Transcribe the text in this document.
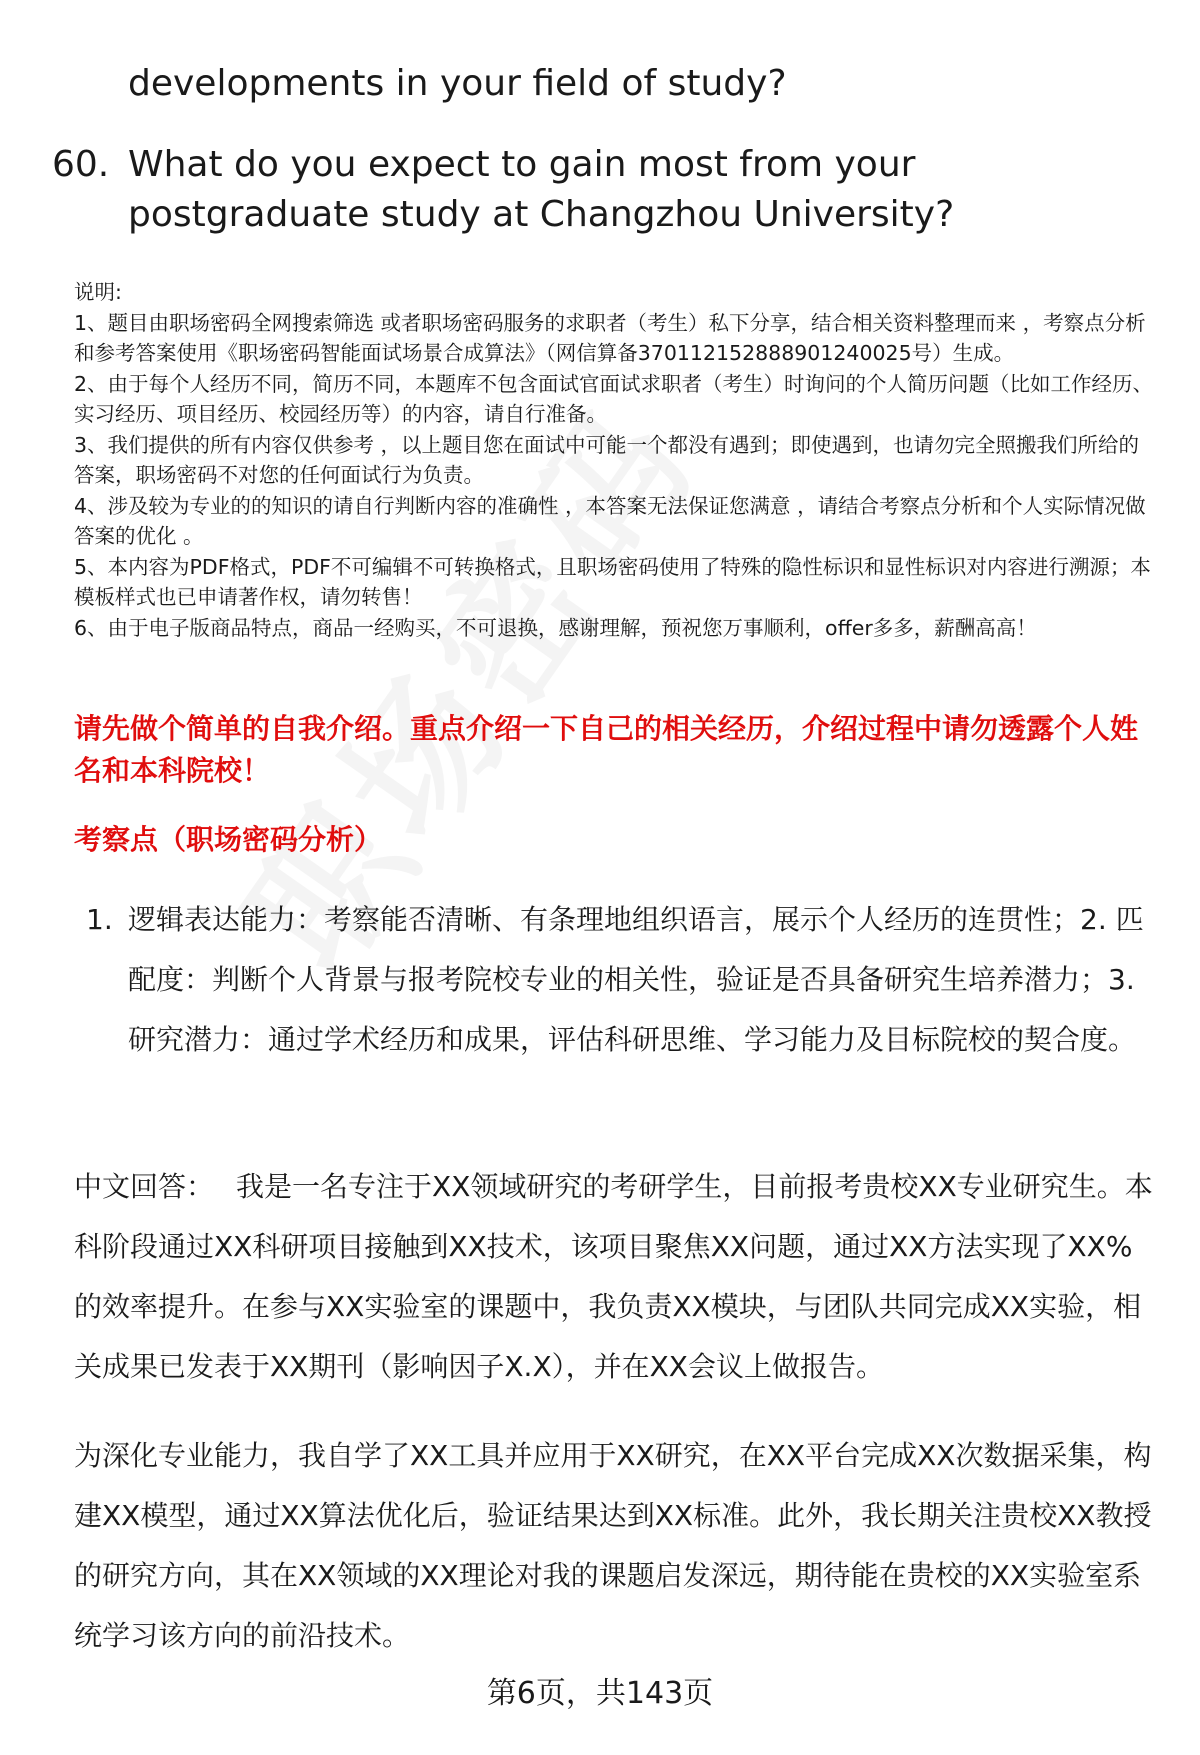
developments in your field of study?
60. What do you expect to gain most from your postgraduate study at Changzhou University?

说明:

1、题目由职场密码全网搜索筛选 或者职场密码服务的求职者（考生）私下分享，结合相关资料整理而来 ，考察点分析和参考答案使用《职场密码智能面试场景合成算法》（网信算备370112152888901240025号）生成。

2、由于每个人经历不同，简历不同，本题库不包含面试官面试求职者（考生）时询问的个人简历问题（比如工作经历、实习经历、项目经历、校园经历等）的内容，请自行准备。

3、我们提供的所有内容仅供参考 ，以上题目您在面试中可能一个都没有遇到；即使遇到，也请勿完全照搬我们所给的答案，职场密码不对您的任何面试行为负责。

4、涉及较为专业的的知识的请自行判断内容的准确性 ，本答案无法保证您满意 ，请结合考察点分析和个人实际情况做答案的优化 。

5、本内容为PDF格式，PDF不可编辑不可转换格式，且职场密码使用了特殊的隐性标识和显性标识对内容进行溯源；本模板样式也已申请著作权，请勿转售！

6、由于电子版商品特点，商品一经购买，不可退换，感谢理解，预祝您万事顺利，offer多多，薪酬高高！

请先做个简单的自我介绍。重点介绍一下自己的相关经历，介绍过程中请勿透露个人姓名和本科院校！
考察点（职场密码分析）
1. 逻辑表达能力：考察能否清晰、有条理地组织语言，展示个人经历的连贯性；2. 匹配度：判断个人背景与报考院校专业的相关性，验证是否具备研究生培养潜力；3. 研究潜力：通过学术经历和成果，评估科研思维、学习能力及目标院校的契合度。

中文回答： 我是一名专注于XX领域研究的考研学生，目前报考贵校XX专业研究生。本科阶段通过XX科研项目接触到XX技术，该项目聚焦XX问题，通过XX方法实现了XX%的效率提升。在参与XX实验室的课题中，我负责XX模块，与团队共同完成XX实验，相关成果已发表于XX期刊（影响因子X.X），并在XX会议上做报告。

为深化专业能力，我自学了XX工具并应用于XX研究，在XX平台完成XX次数据采集，构建XX模型，通过XX算法优化后，验证结果达到XX标准。此外，我长期关注贵校XX教授的研究方向，其在XX领域的XX理论对我的课题启发深远，期待能在贵校的XX实验室系统学习该方向的前沿技术。

第6页，共143页
